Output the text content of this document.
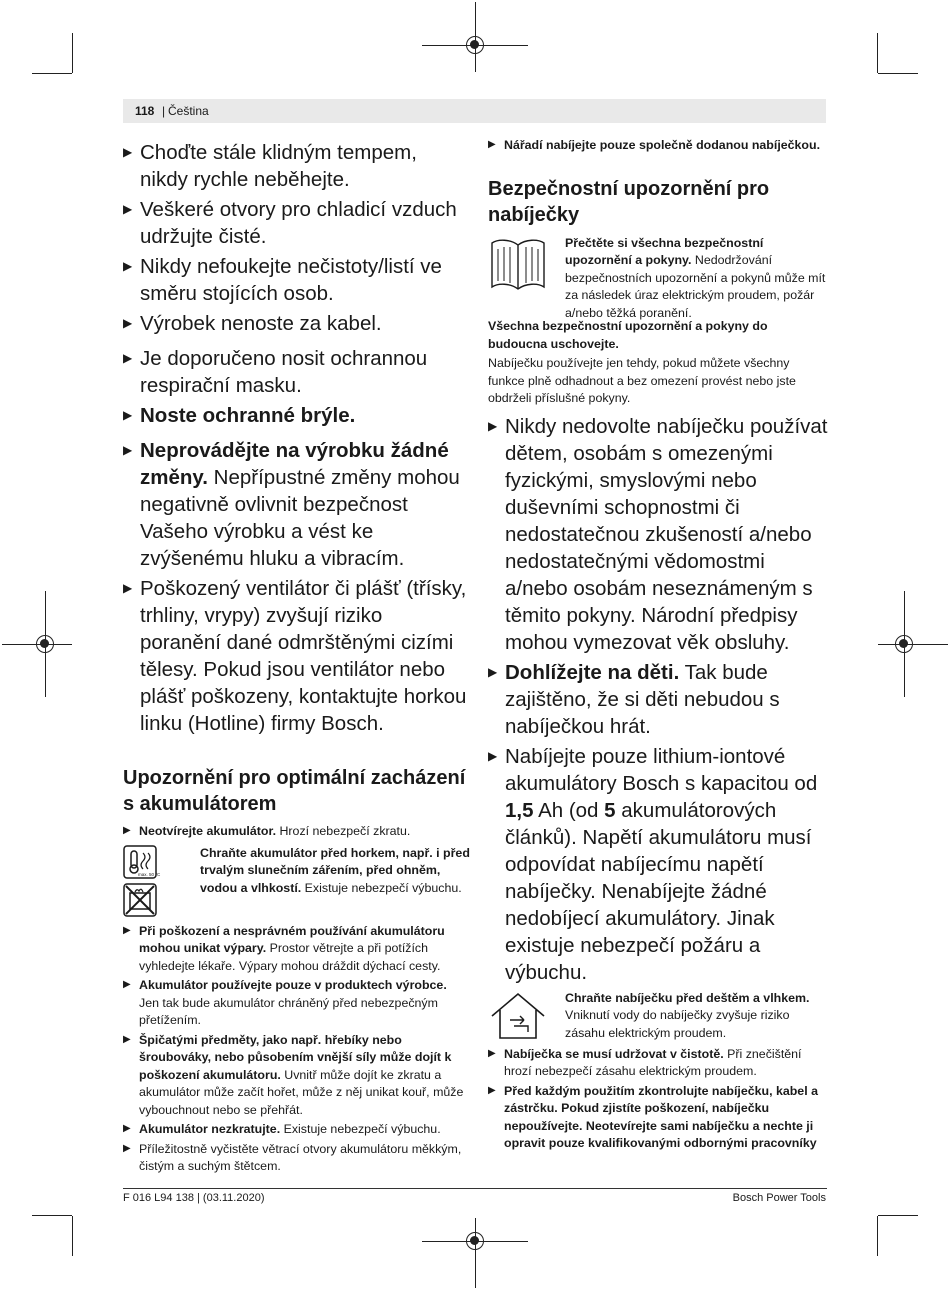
118 | Čeština

▶ Choďte stále klidným tempem, nikdy rychle neběhejte.

▶ Veškeré otvory pro chladicí vzduch udržujte čisté.

▶ Nikdy nefoukejte nečistoty/listí ve směru stojících osob.

▶ Výrobek nenoste za kabel.

▶ Je doporučeno nosit ochrannou respirační masku.

▶ Noste ochranné brýle.

▶ Neprovádějte na výrobku žádné změny. Nepřípustné změny mohou negativně ovlivnit bezpečnost Vašeho výrobku a vést ke zvýšenému hluku a vibracím.

▶ Poškozený ventilátor či plášť (třísky, trhliny, vrypy) zvyšují riziko poranění dané odmrštěnými cizími tělesy. Pokud jsou ventilátor nebo plášť poškozeny, kontaktujte horkou linku (Hotline) firmy Bosch.

Upozornění pro optimální zacházení s akumulátorem

▶ Neotvírejte akumulátor. Hrozí nebezpečí zkratu.

max. 50 °C
Chraňte akumulátor před horkem, např. i před trvalým slunečním zářením, před ohněm, vodou a vlhkostí. Existuje nebezpečí výbuchu.

▶ Při poškození a nesprávném používání akumulátoru mohou unikat výpary. Prostor větrejte a při potížích vyhledejte lékaře. Výpary mohou dráždit dýchací cesty.

▶ Akumulátor používejte pouze v produktech výrobce. Jen tak bude akumulátor chráněný před nebezpečným přetížením.

▶ Špičatými předměty, jako např. hřebíky nebo šroubováky, nebo působením vnější síly může dojít k poškození akumulátoru. Uvnitř může dojít ke zkratu a akumulátor může začít hořet, může z něj unikat kouř, může vybouchnout nebo se přehřát.

▶ Akumulátor nezkratujte. Existuje nebezpečí výbuchu.

▶ Příležitostně vyčistěte větrací otvory akumulátoru měkkým, čistým a suchým štětcem.

▶ Nářadí nabíjejte pouze společně dodanou nabíječkou.

Bezpečnostní upozornění pro nabíječky
Přečtěte si všechna bezpečnostní upozornění a pokyny. Nedodržování bezpečnostních upozornění a pokynů může mít za následek úraz elektrickým proudem, požár a/nebo těžká poranění.

Všechna bezpečnostní upozornění a pokyny do budoucna uschovejte.

Nabíječku používejte jen tehdy, pokud můžete všechny funkce plně odhadnout a bez omezení provést nebo jste obdrželi příslušné pokyny.

▶ Nikdy nedovolte nabíječku používat dětem, osobám s omezenými fyzickými, smyslovými nebo duševními schopnostmi či nedostatečnou zkušeností a/nebo nedostatečnými vědomostmi a/nebo osobám neseznámeným s těmito pokyny. Národní předpisy mohou vymezovat věk obsluhy.

▶ Dohlížejte na děti. Tak bude zajištěno, že si děti nebudou s nabíječkou hrát.

▶ Nabíjejte pouze lithium-iontové akumulátory Bosch s kapacitou od 1,5 Ah (od 5 akumulátorových článků). Napětí akumulátoru musí odpovídat nabíjecímu napětí nabíječky. Nenabíjejte žádné nedobíjecí akumulátory. Jinak existuje nebezpečí požáru a výbuchu.

Chraňte nabíječku před deštěm a vlhkem. Vniknutí vody do nabíječky zvyšuje riziko zásahu elektrickým proudem.

▶ Nabíječka se musí udržovat v čistotě. Při znečištění hrozí nebezpečí zásahu elektrickým proudem.

▶ Před každým použitím zkontrolujte nabíječku, kabel a zástrčku. Pokud zjistíte poškození, nabíječku nepoužívejte. Neotevírejte sami nabíječku a nechte ji opravit pouze kvalifikovanými odbornými pracovníky

F 016 L94 138 | (03.11.2020)	Bosch Power Tools
